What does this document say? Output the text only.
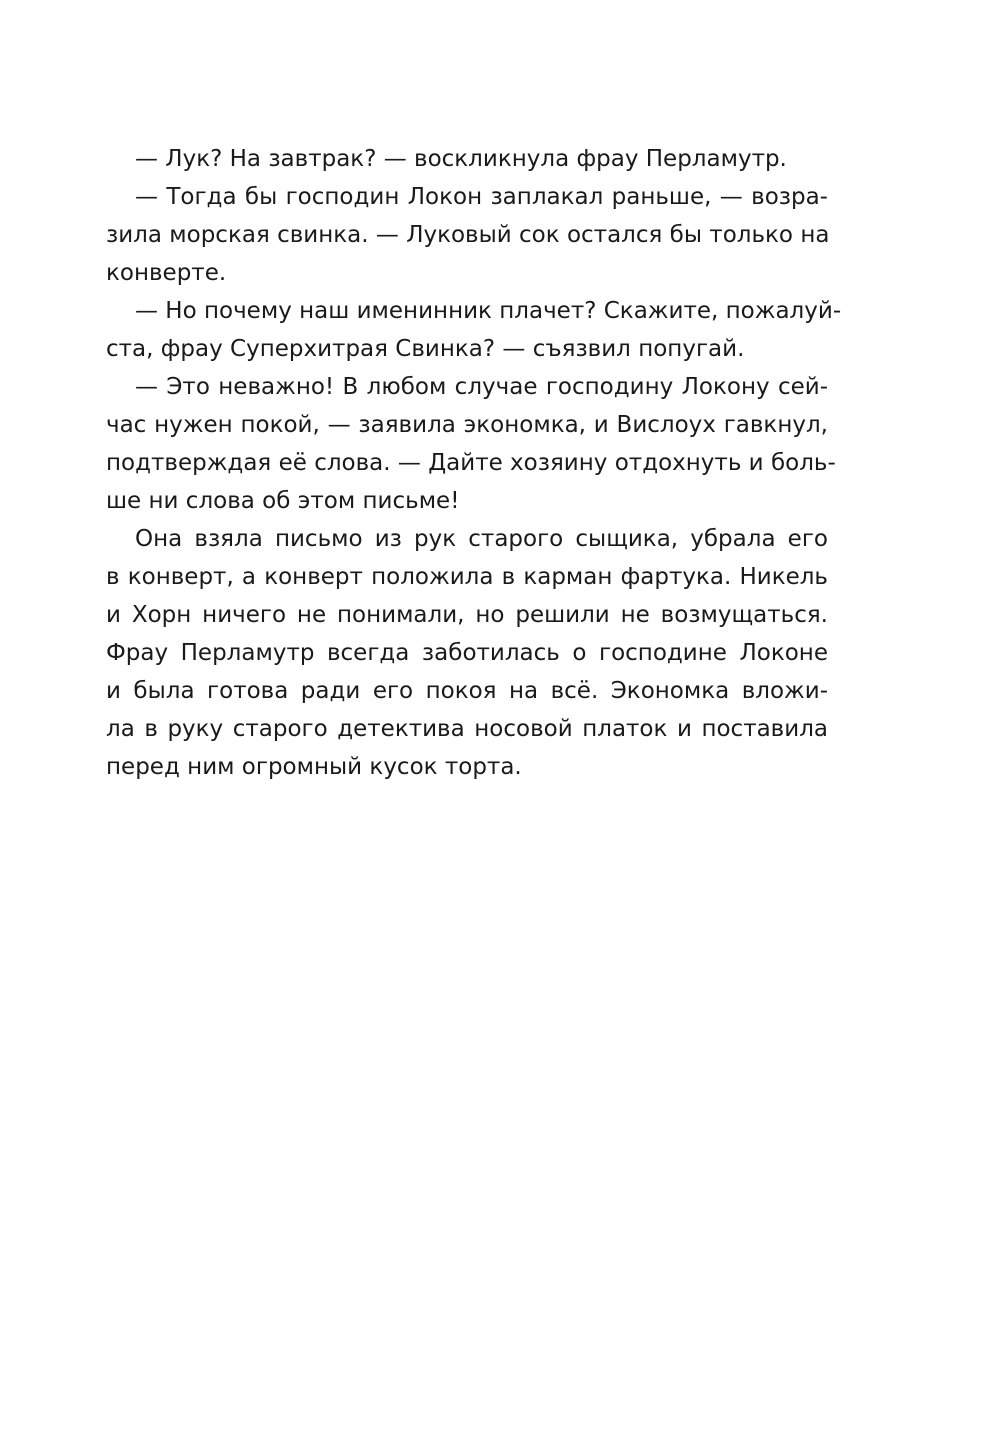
— Лук? На завтрак? — воскликнула фрау Перламутр.
— Тогда бы господин Локон заплакал раньше, — возра-
зила морская свинка. — Луковый сок остался бы только на
конверте.
— Но почему наш именинник плачет? Скажите, пожалуй-
ста, фрау Суперхитрая Свинка? — съязвил попугай.
— Это неважно! В любом случае господину Локону сей-
час нужен покой, — заявила экономка, и Вислоух гавкнул,
подтверждая её слова. — Дайте хозяину отдохнуть и боль-
ше ни слова об этом письме!
Она взяла письмо из рук старого сыщика, убрала его
в конверт, а конверт положила в карман фартука. Никель
и Хорн ничего не понимали, но решили не возмущаться.
Фрау Перламутр всегда заботилась о господине Локоне
и была готова ради его покоя на всё. Экономка вложи-
ла в руку старого детектива носовой платок и поставила
перед ним огромный кусок торта.
